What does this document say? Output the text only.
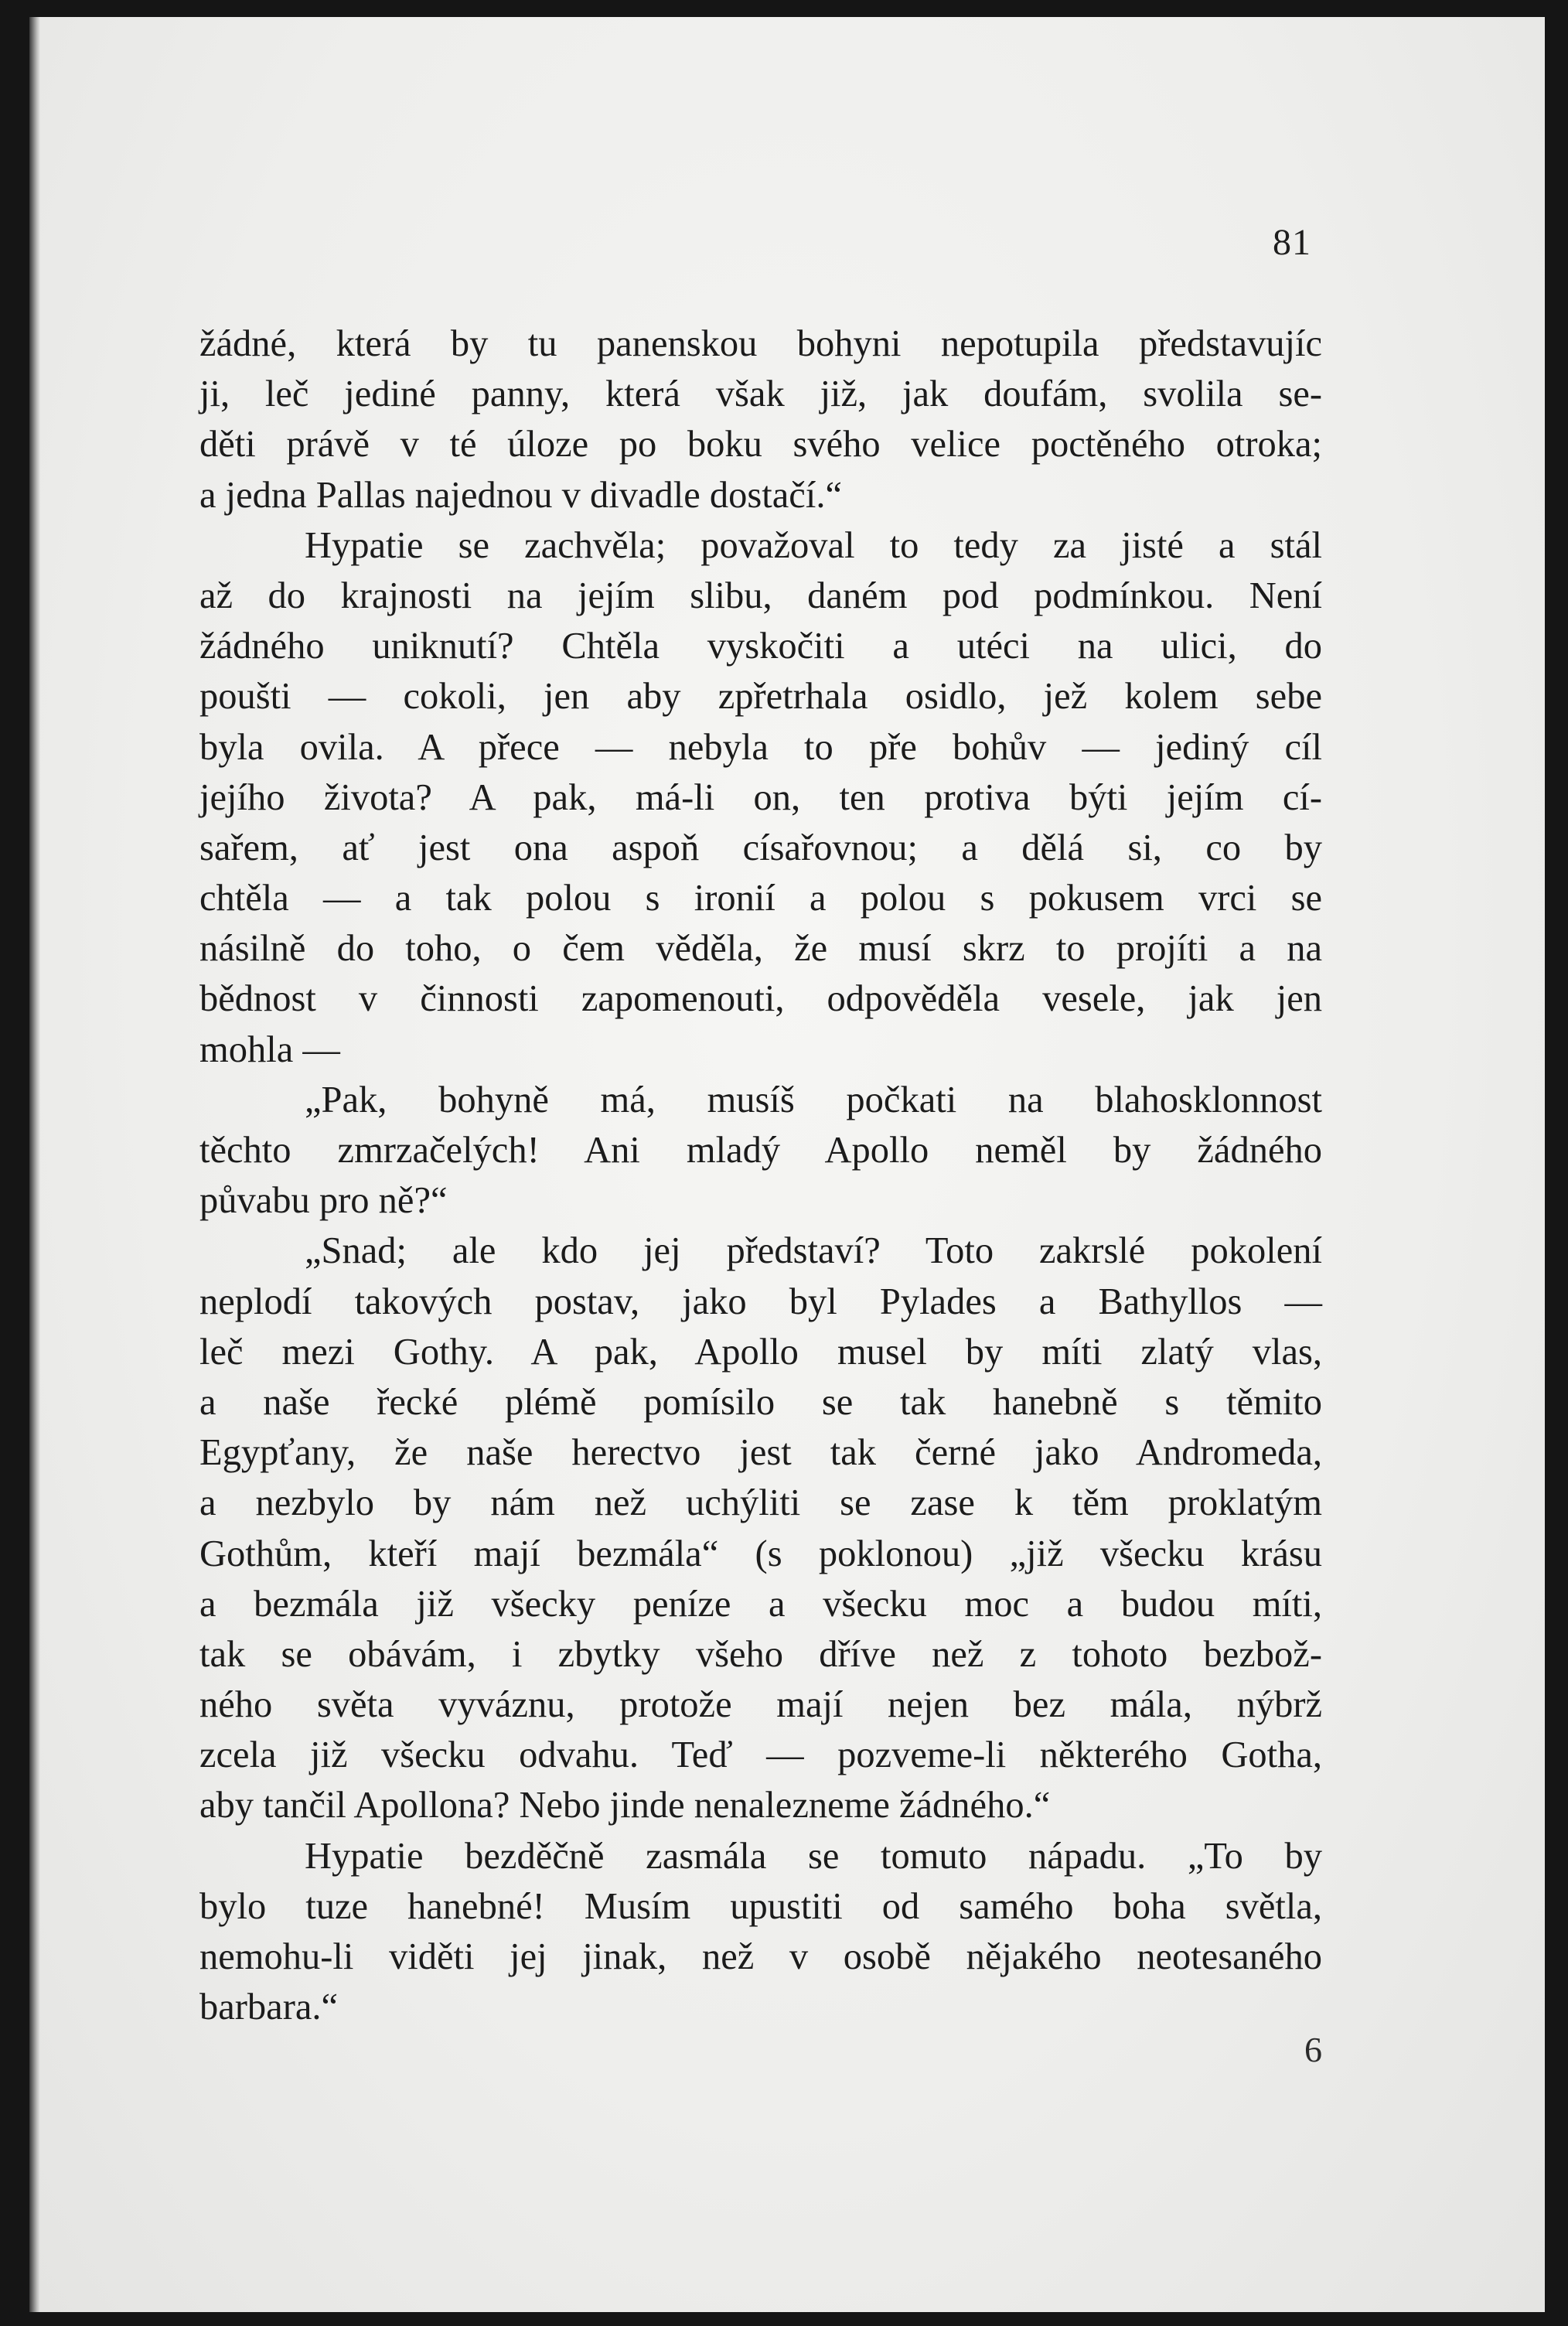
81
žádné, která by tu panenskou bohyni nepotupila představujíc
ji, leč jediné panny, která však již, jak doufám, svolila se-
děti právě v té úloze po boku svého velice poctěného otroka;
a jedna Pallas najednou v divadle dostačí.“
Hypatie se zachvěla; považoval to tedy za jisté a stál
až do krajnosti na jejím slibu, daném pod podmínkou. Není
žádného uniknutí? Chtěla vyskočiti a utéci na ulici, do
poušti — cokoli, jen aby zpřetrhala osidlo, jež kolem sebe
byla ovila. A přece — nebyla to pře bohův — jediný cíl
jejího života? A pak, má-li on, ten protiva býti jejím cí-
sařem, ať jest ona aspoň císařovnou; a dělá si, co by
chtěla — a tak polou s ironií a polou s pokusem vrci se
násilně do toho, o čem věděla, že musí skrz to projíti a na
bědnost v činnosti zapomenouti, odpověděla vesele, jak jen
mohla —
„Pak, bohyně má, musíš počkati na blahosklonnost
těchto zmrzačelých! Ani mladý Apollo neměl by žádného
půvabu pro ně?“
„Snad; ale kdo jej představí? Toto zakrslé pokolení
neplodí takových postav, jako byl Pylades a Bathyllos —
leč mezi Gothy. A pak, Apollo musel by míti zlatý vlas,
a naše řecké plémě pomísilo se tak hanebně s těmito
Egypťany, že naše herectvo jest tak černé jako Andromeda,
a nezbylo by nám než uchýliti se zase k těm proklatým
Gothům, kteří mají bezmála“ (s poklonou) „již všecku krásu
a bezmála již všecky peníze a všecku moc a budou míti,
tak se obávám, i zbytky všeho dříve než z tohoto bezbož-
ného světa vyváznu, protože mají nejen bez mála, nýbrž
zcela již všecku odvahu. Teď — pozveme-li některého Gotha,
aby tančil Apollona? Nebo jinde nenalezneme žádného.“
Hypatie bezděčně zasmála se tomuto nápadu. „To by
bylo tuze hanebné! Musím upustiti od samého boha světla,
nemohu-li viděti jej jinak, než v osobě nějakého neotesaného
barbara.“
6
